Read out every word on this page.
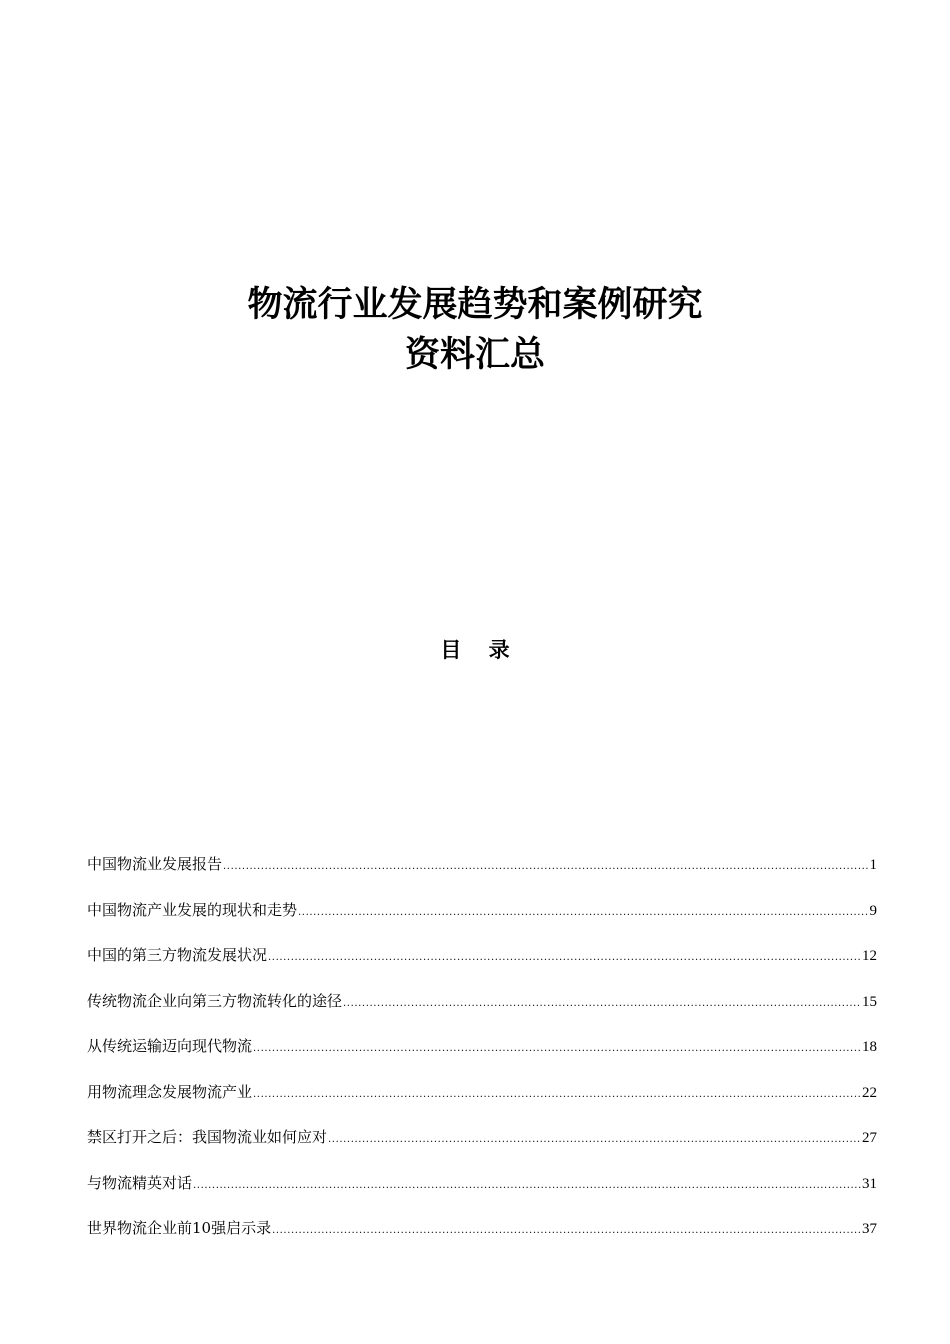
物流行业发展趋势和案例研究
资料汇总
目 录
中国物流业发展报告 .....	1
中国物流产业发展的现状和走势 .....	9
中国的第三方物流发展状况 .....	12
传统物流企业向第三方物流转化的途径 .....	15
从传统运输迈向现代物流 .....	18
用物流理念发展物流产业 .....	22
禁区打开之后：我国物流业如何应对 .....	27
与物流精英对话 .....	31
世界物流企业前10强启示录 .....	37
